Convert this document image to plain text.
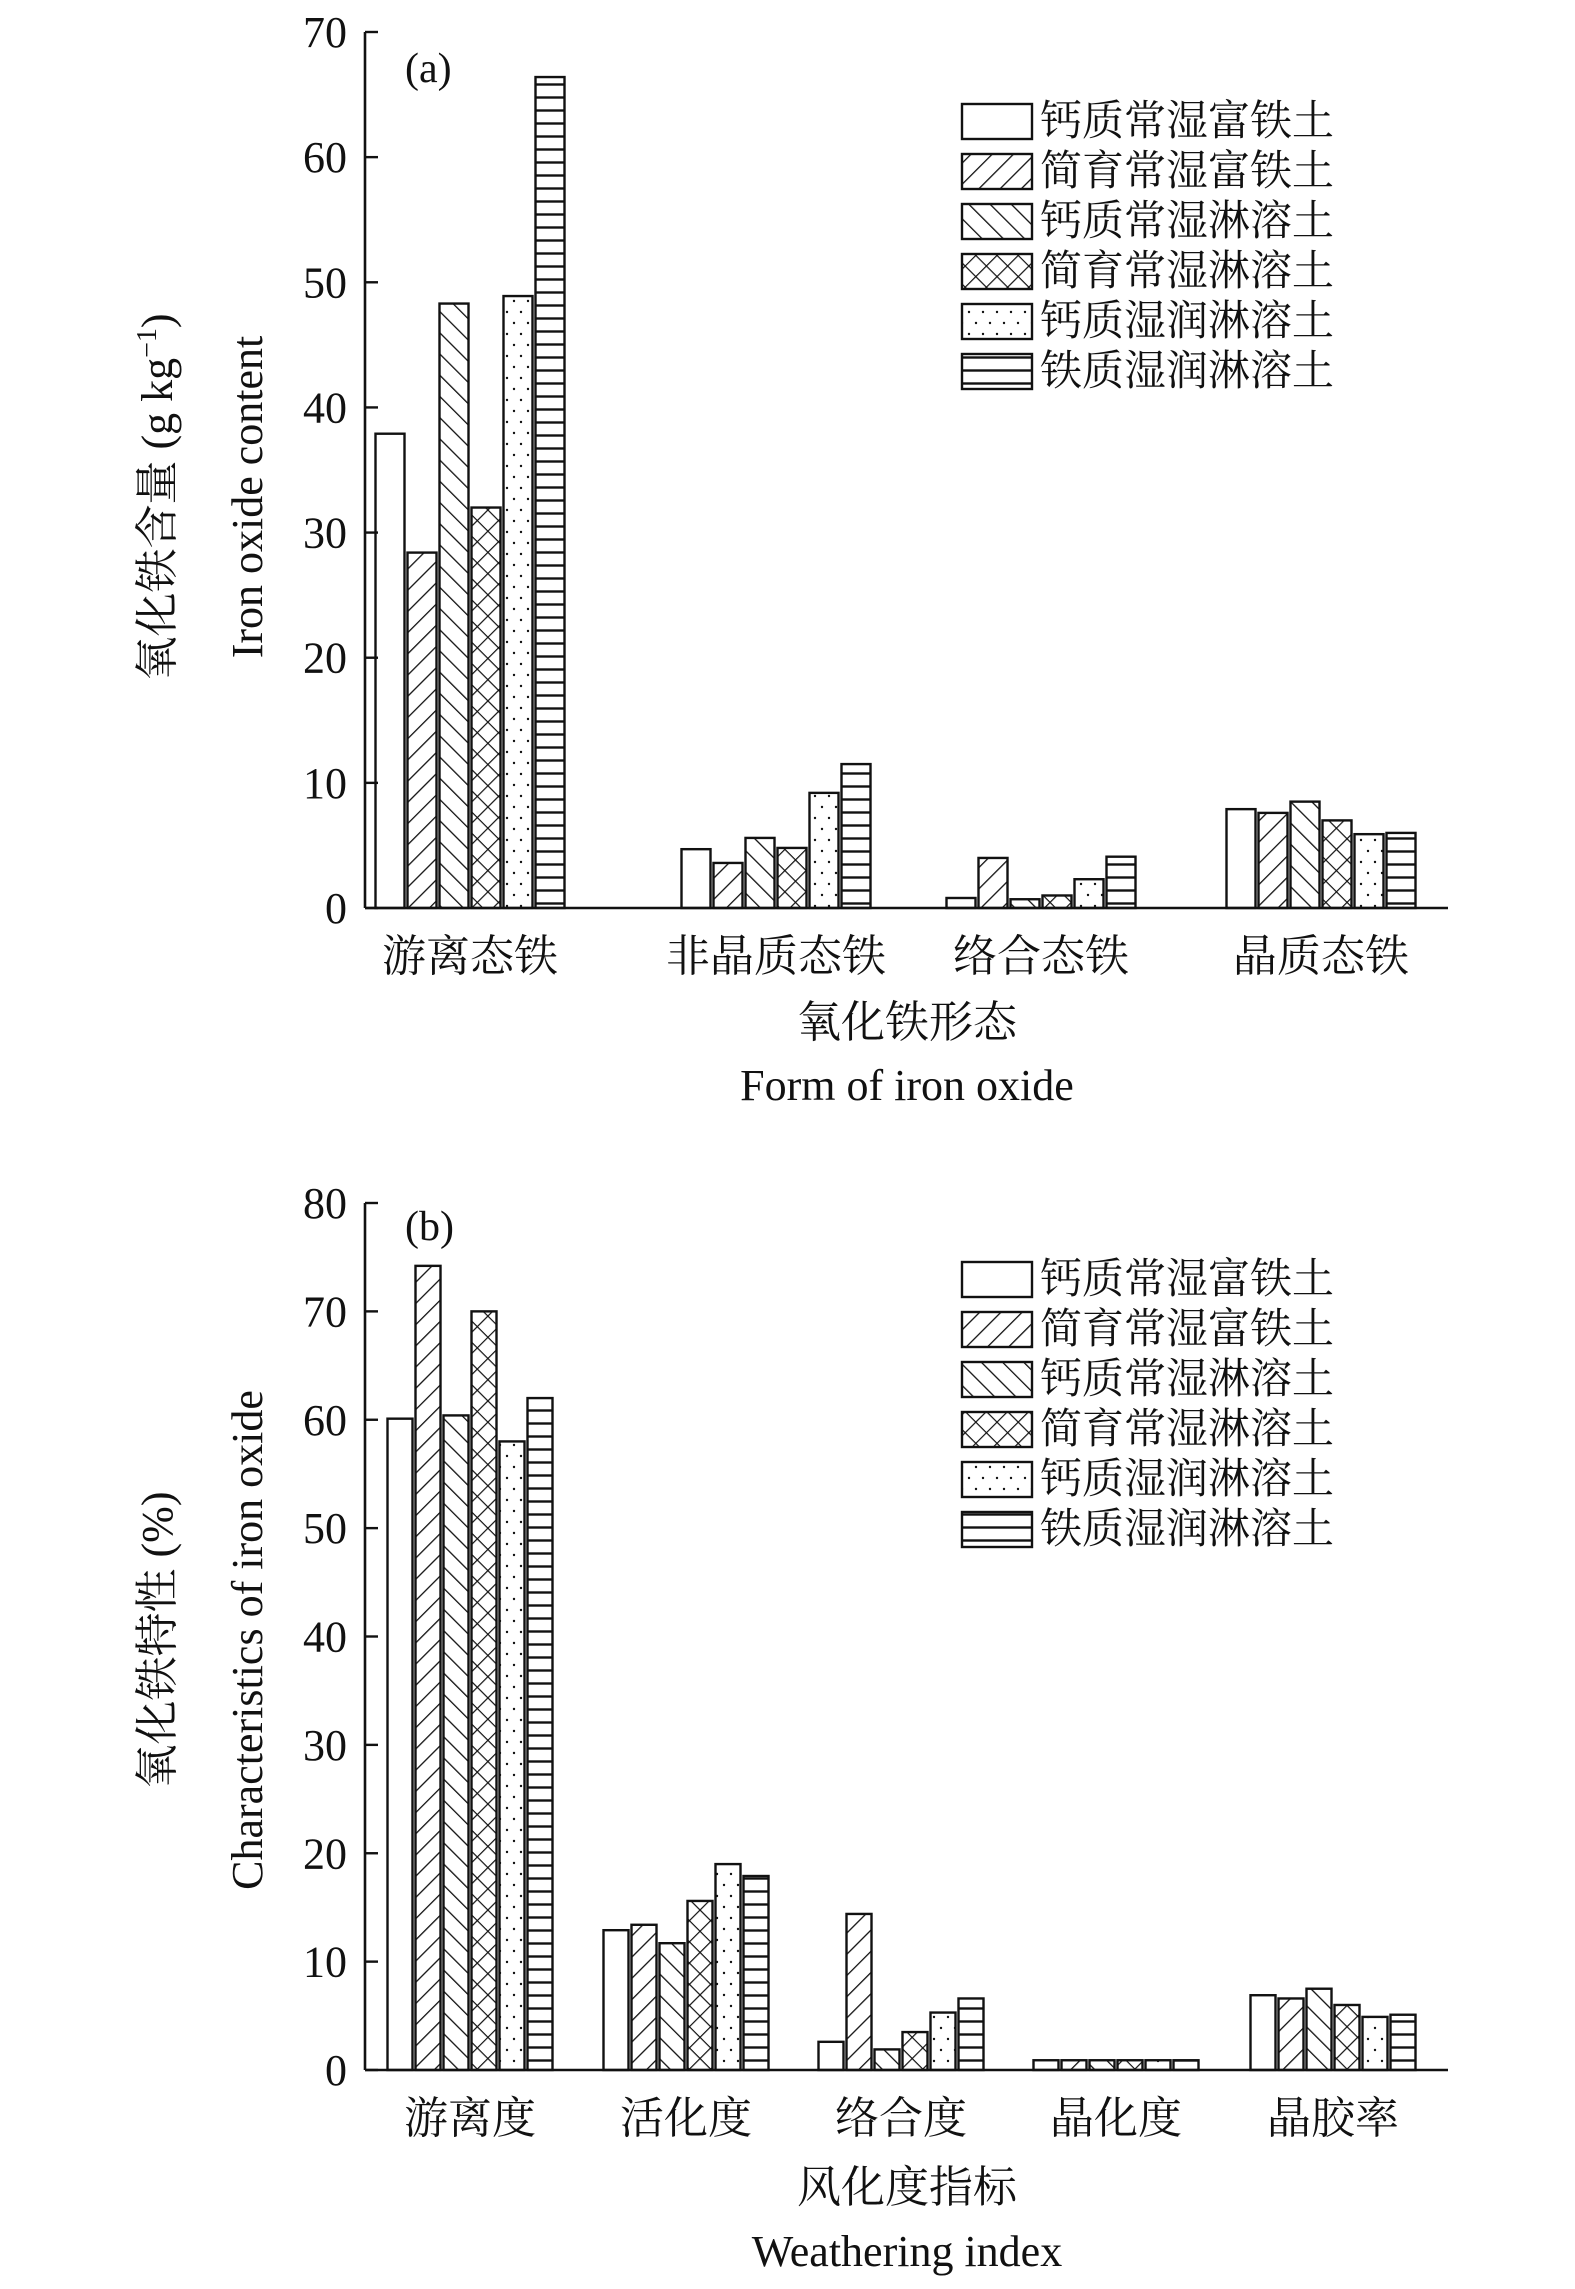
(a)
氧化铁含量 (g $kg^{-1}$)
Iron oxide content
氧化铁形态
Form of iron oxide
游离态铁 非晶质态铁 络合态铁 晶质态铁
0
10
20
30
40
50
60
70
钙质常湿富铁土
简育常湿富铁土
钙质常湿淋溶土
简育常湿淋溶土
钙质湿润淋溶土
铁质湿润淋溶土
(b)
氧化铁特性 (%) Characteristics of iron oxide
风化度指标
Weathering index
游离度 活化度 络合度 晶化度 晶胶率
0
10
20
30
40
50
60
70
80
钙质常湿富铁土
简育常湿富铁土
钙质常湿淋溶土
简育常湿淋溶土
钙质湿润淋溶土
铁质湿润淋溶土
